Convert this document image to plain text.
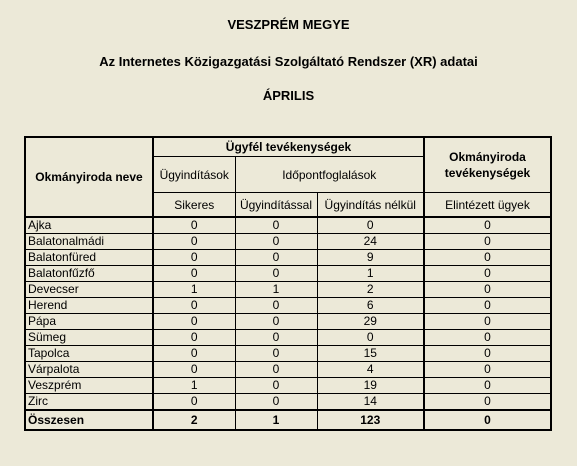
VESZPRÉM MEGYE
Az Internetes Közigazgatási Szolgáltató Rendszer (XR) adatai
ÁPRILIS
Okmányiroda neve	Ügyfél tevékenységek			Okmányiroda tevékenységek
	Ügyindítások	Időpontfoglalások		
	Sikeres	Ügyindítással	Ügyindítás nélkül	Elintézett ügyek
Ajka	0	0	0	0
Balatonalmádi	0	0	24	0
Balatonfüred	0	0	9	0
Balatonfűzfő	0	0	1	0
Devecser	1	1	2	0
Herend	0	0	6	0
Pápa	0	0	29	0
Sümeg	0	0	0	0
Tapolca	0	0	15	0
Várpalota	0	0	4	0
Veszprém	1	0	19	0
Zirc	0	0	14	0
Összesen	2	1	123	0
